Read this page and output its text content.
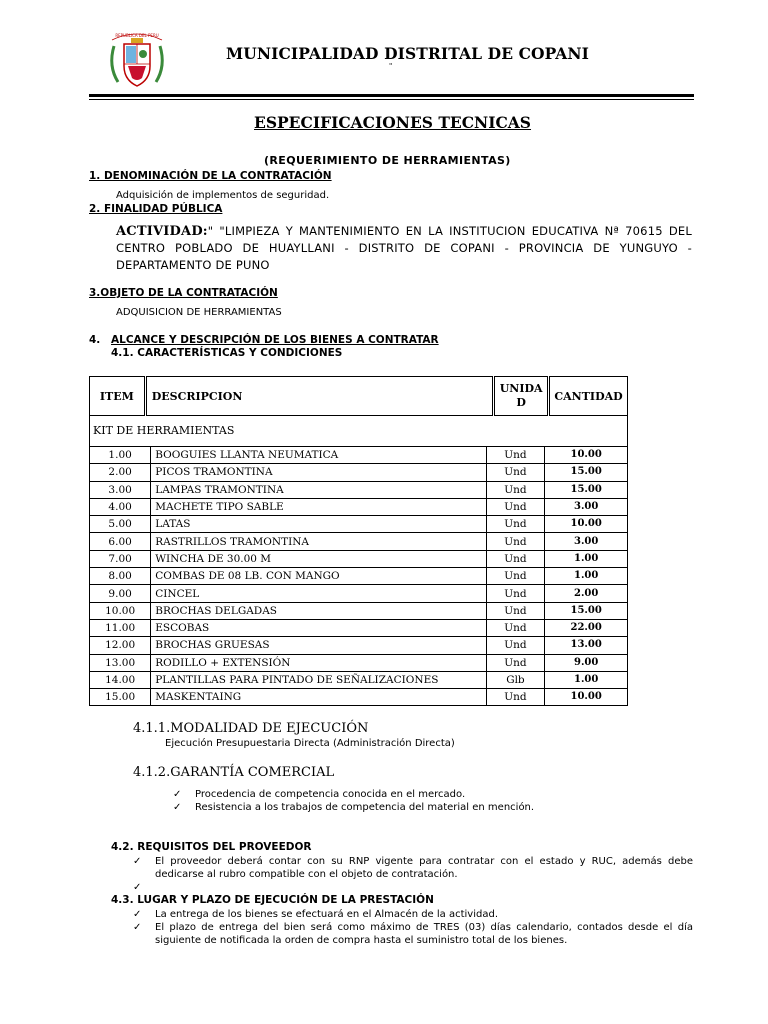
REPUBLICA DEL PERU
MUNICIPALIDAD DISTRITAL DE COPANI
"
ESPECIFICACIONES TECNICAS
(REQUERIMIENTO DE HERRAMIENTAS)
1. DENOMINACIÓN DE LA CONTRATACIÓN
Adquisición de implementos de seguridad.
2. FINALIDAD PÚBLICA
ACTIVIDAD:" "LIMPIEZA Y MANTENIMIENTO EN LA INSTITUCION EDUCATIVA Nª 70615 DEL CENTRO POBLADO DE HUAYLLANI - DISTRITO DE COPANI - PROVINCIA DE YUNGUYO - DEPARTAMENTO DE PUNO
3.OBJETO DE LA CONTRATACIÓN
ADQUISICION DE HERRAMIENTAS
4. ALCANCE Y DESCRIPCIÓN DE LOS BIENES A CONTRATAR
4.1. CARACTERÍSTICAS Y CONDICIONES
ITEM	DESCRIPCION	UNIDA D	CANTIDAD
KIT DE HERRAMIENTAS
1.00	BOOGUIES LLANTA NEUMATICA	Und	10.00
2.00	PICOS TRAMONTINA	Und	15.00
3.00	LAMPAS TRAMONTINA	Und	15.00
4.00	MACHETE TIPO SABLE	Und	3.00
5.00	LATAS	Und	10.00
6.00	RASTRILLOS TRAMONTINA	Und	3.00
7.00	WINCHA DE 30.00 M	Und	1.00
8.00	COMBAS DE 08 LB. CON MANGO	Und	1.00
9.00	CINCEL	Und	2.00
10.00	BROCHAS DELGADAS	Und	15.00
11.00	ESCOBAS	Und	22.00
12.00	BROCHAS GRUESAS	Und	13.00
13.00	RODILLO + EXTENSIÓN	Und	9.00
14.00	PLANTILLAS PARA PINTADO DE SEÑALIZACIONES	Glb	1.00
15.00	MASKENTAING	Und	10.00
4.1.1.MODALIDAD DE EJECUCIÓN
Ejecución Presupuestaria Directa (Administración Directa)
4.1.2.GARANTÍA COMERCIAL
✓ Procedencia de competencia conocida en el mercado.
✓ Resistencia a los trabajos de competencia del material en mención.
4.2. REQUISITOS DEL PROVEEDOR
✓ El proveedor deberá contar con su RNP vigente para contratar con el estado y RUC, además debe dedicarse al rubro compatible con el objeto de contratación.
✓
4.3. LUGAR Y PLAZO DE EJECUCIÓN DE LA PRESTACIÓN
✓ La entrega de los bienes se efectuará en el Almacén de la actividad.
✓ El plazo de entrega del bien será como máximo de TRES (03) días calendario, contados desde el día siguiente de notificada la orden de compra hasta el suministro total de los bienes.
